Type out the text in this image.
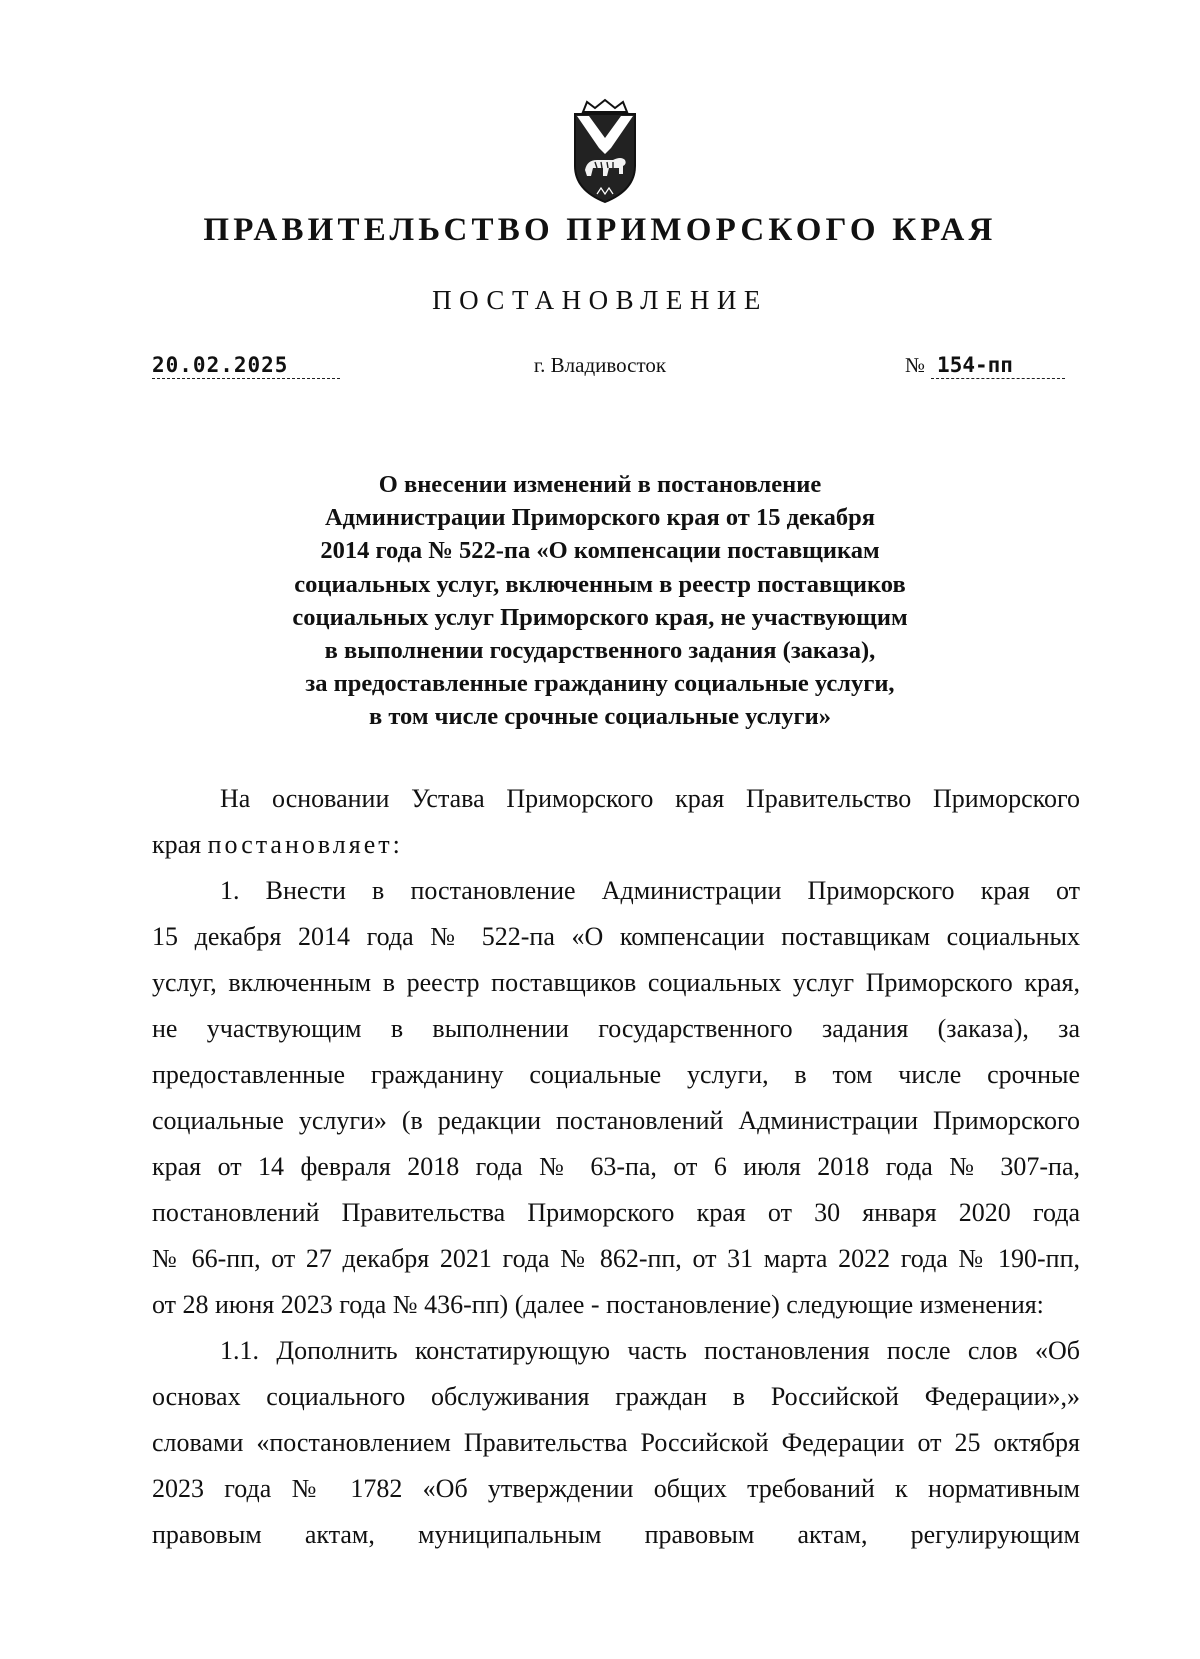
ПРАВИТЕЛЬСТВО ПРИМОРСКОГО КРАЯ
ПОСТАНОВЛЕНИЕ
20.02.2025	г. Владивосток	№ 154-пп
О внесении изменений в постановление
Администрации Приморского края от 15 декабря
2014 года № 522-па «О компенсации поставщикам
социальных услуг, включенным в реестр поставщиков
социальных услуг Приморского края, не участвующим
в выполнении государственного задания (заказа),
за предоставленные гражданину социальные услуги,
в том числе срочные социальные услуги»
На основании Устава Приморского края Правительство Приморского
края постановляет:
1. Внести в постановление Администрации Приморского края от
15 декабря 2014 года № 522-па «О компенсации поставщикам социальных
услуг, включенным в реестр поставщиков социальных услуг Приморского края,
не участвующим в выполнении государственного задания (заказа), за
предоставленные гражданину социальные услуги, в том числе срочные
социальные услуги» (в редакции постановлений Администрации Приморского
края от 14 февраля 2018 года № 63-па, от 6 июля 2018 года № 307-па,
постановлений Правительства Приморского края от 30 января 2020 года
№ 66-пп, от 27 декабря 2021 года № 862-пп, от 31 марта 2022 года № 190-пп,
от 28 июня 2023 года № 436-пп) (далее - постановление) следующие изменения:
1.1. Дополнить констатирующую часть постановления после слов «Об
основах социального обслуживания граждан в Российской Федерации»,»
словами «постановлением Правительства Российской Федерации от 25 октября
2023 года № 1782 «Об утверждении общих требований к нормативным
правовым актам, муниципальным правовым актам, регулирующим
